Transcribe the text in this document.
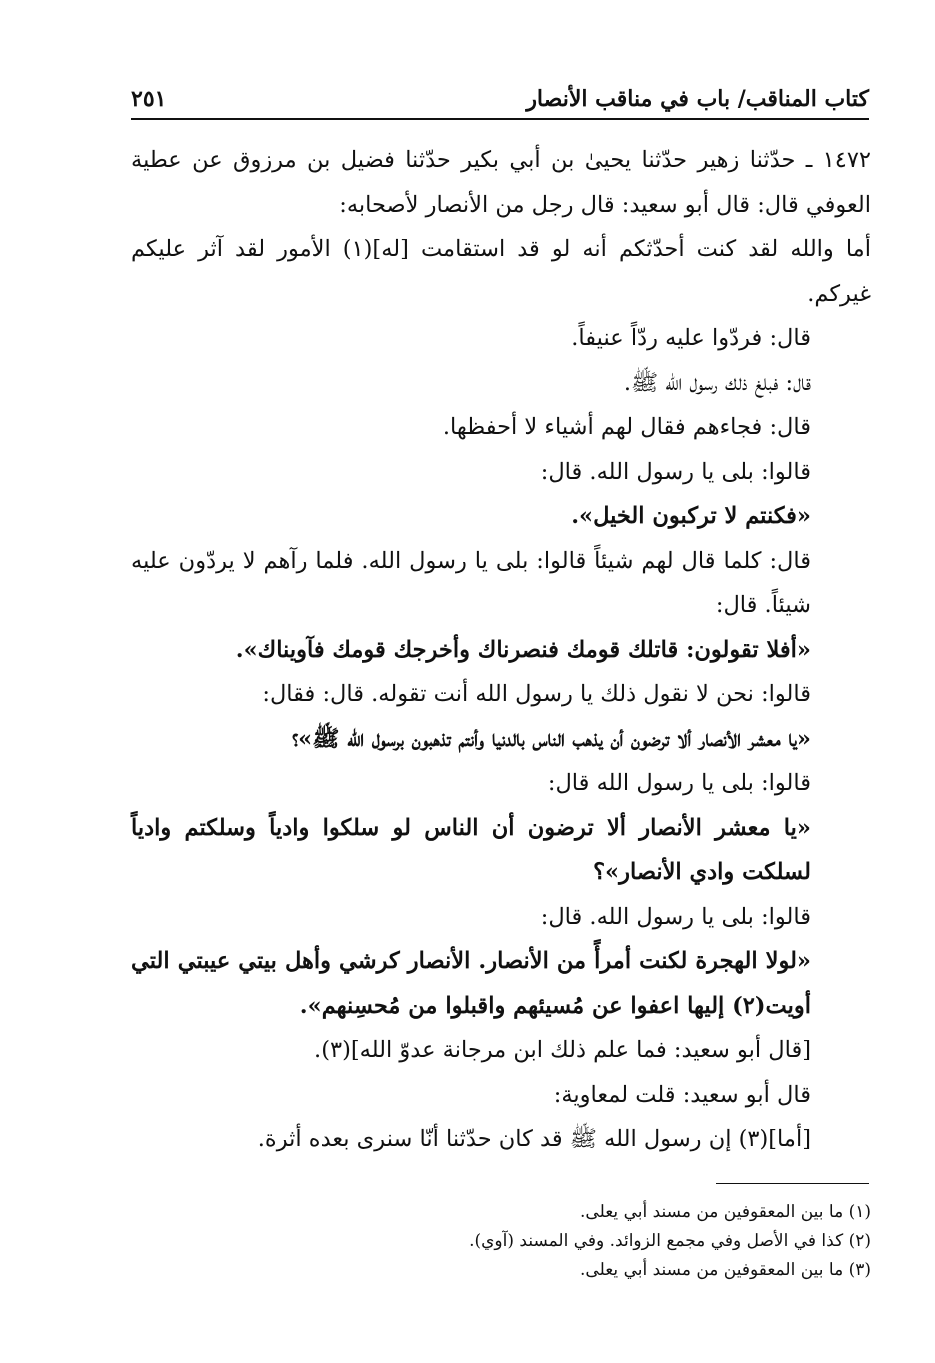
كتاب المناقب/ باب في مناقب الأنصار
٢٥١

١٤٧٢ ـ حدّثنا زهير حدّثنا يحيىٰ بن أبي بكير حدّثنا فضيل بن مرزوق عن عطية العوفي قال: قال أبو سعيد: قال رجل من الأنصار لأصحابه:

أما والله لقد كنت أحدّثكم أنه لو قد استقامت [له](١) الأمور لقد آثر عليكم غيركم.

قال: فردّوا عليه ردّاً عنيفاً.

قال: فبلغ ذلك رسول الله ﷺ.

قال: فجاءهم فقال لهم أشياء لا أحفظها.

قالوا: بلى يا رسول الله. قال:

«فكنتم لا تركبون الخيل».

قال: كلما قال لهم شيئاً قالوا: بلى يا رسول الله. فلما رآهم لا يردّون عليه شيئاً. قال:

«أفلا تقولون: قاتلك قومك فنصرناك وأخرجك قومك فآويناك».

قالوا: نحن لا نقول ذلك يا رسول الله أنت تقوله. قال: فقال:

«يا معشر الأنصار ألا ترضون أن يذهب الناس بالدنيا وأنتم تذهبون برسول الله ﷺ»؟

قالوا: بلى يا رسول الله قال:

«يا معشر الأنصار ألا ترضون أن الناس لو سلكوا وادياً وسلكتم وادياً لسلكت وادي الأنصار»؟

قالوا: بلى يا رسول الله. قال:

«لولا الهجرة لكنت أمرأً من الأنصار. الأنصار كرشي وأهل بيتي عيبتي التي أويت(٢) إليها اعفوا عن مُسيئهم واقبلوا من مُحسِنهم».

[قال أبو سعيد: فما علم ذلك ابن مرجانة عدوّ الله](٣).

قال أبو سعيد: قلت لمعاوية:

[أما](٣) إن رسول الله ﷺ قد كان حدّثنا أنّا سنرى بعده أثرة.

(١) ما بين المعقوفين من مسند أبي يعلى.

(٢) كذا في الأصل وفي مجمع الزوائد. وفي المسند (آوي).

(٣) ما بين المعقوفين من مسند أبي يعلى.
